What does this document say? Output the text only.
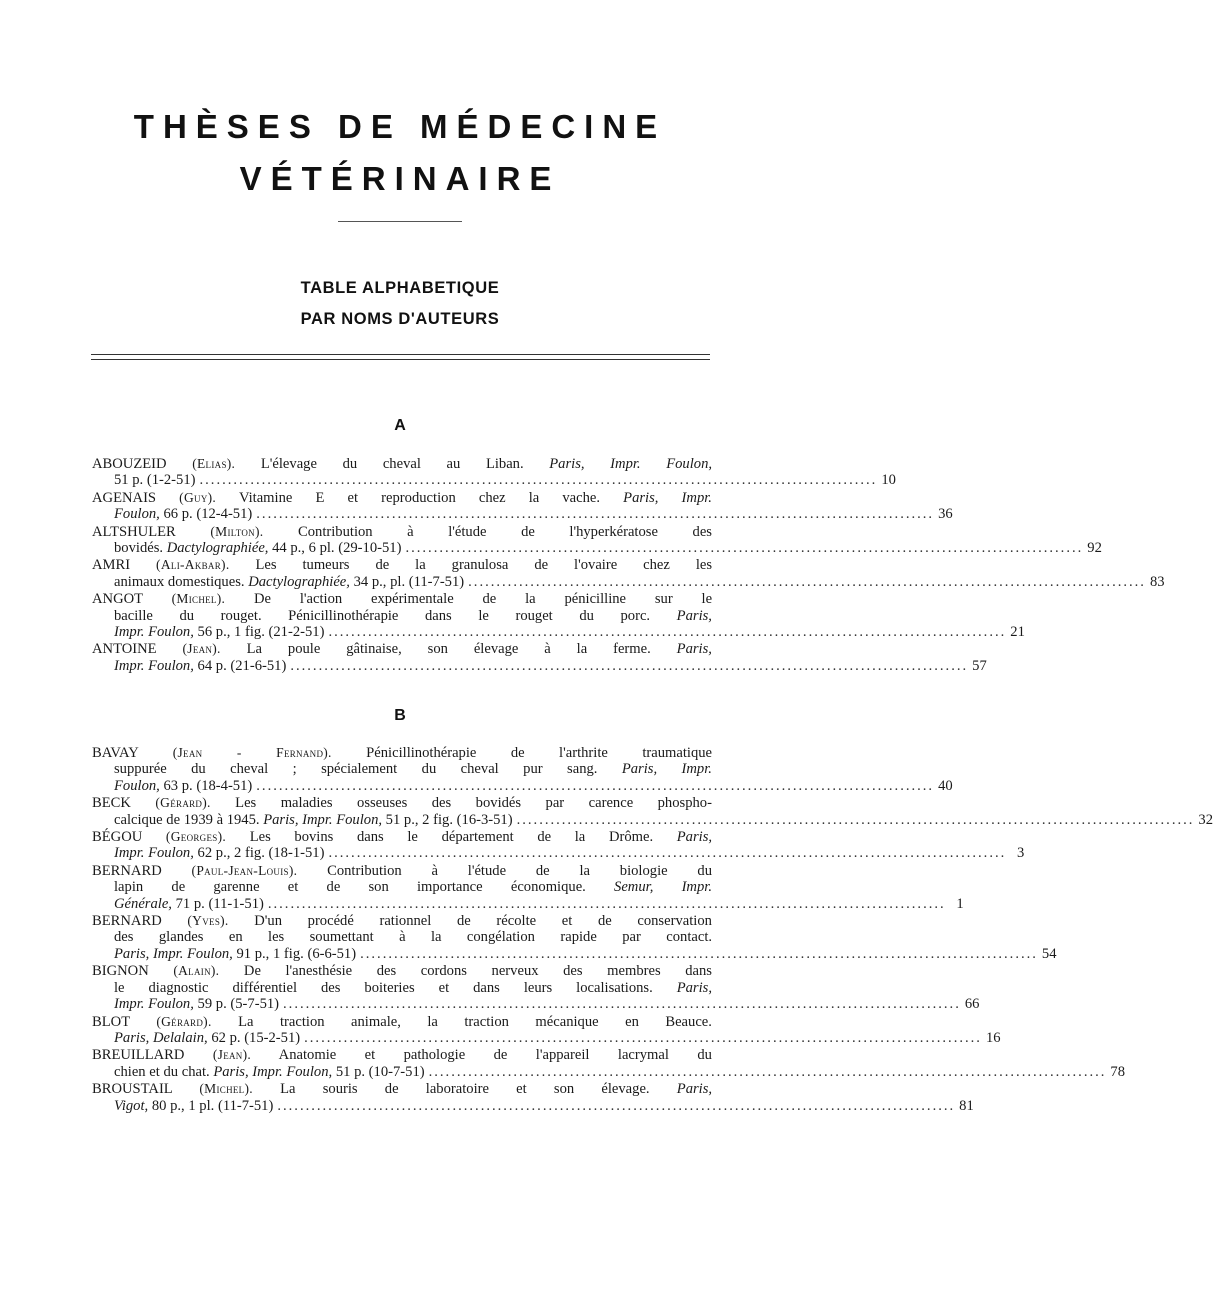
THÈSES DE MÉDECINE
VÉTÉRINAIRE
TABLE ALPHABETIQUE
PAR NOMS D'AUTEURS
A
ABOUZEID (Elias). L'élevage du cheval au Liban. Paris, Impr. Foulon,
51 p. (1-2-51) ........................................................................................................................ 10
AGENAIS (Guy). Vitamine E et reproduction chez la vache. Paris, Impr.
Foulon, 66 p. (12-4-51) ........................................................................................................................ 36
ALTSHULER	(Milton). Contribution à l'étude de l'hyperkératose des
bovidés. Dactylographiée, 44 p., 6 pl. (29-10-51) ........................................................................................................................ 92
AMRI (Ali-Akbar). Les tumeurs de la granulosa de l'ovaire chez les
animaux domestiques. Dactylographiée, 34 p., pl. (11-7-51) ........................................................................................................................ 83
ANGOT (Michel). De l'action expérimentale de la pénicilline sur le
bacille du rouget. Pénicillinothérapie dans le rouget du porc. Paris,
Impr. Foulon, 56 p., 1 fig. (21-2-51) ........................................................................................................................ 21
ANTOINE (Jean). La poule gâtinaise, son élevage à la ferme. Paris,
Impr. Foulon, 64 p. (21-6-51) ........................................................................................................................ 57
B
BAVAY	(Jean - Fernand). Pénicillinothérapie de l'arthrite traumatique
suppurée du cheval ; spécialement du cheval pur sang. Paris, Impr.
Foulon, 63 p. (18-4-51) ........................................................................................................................ 40
BECK (Gérard). Les maladies osseuses des bovidés par carence phospho-
calcique de 1939 à 1945. Paris, Impr. Foulon, 51 p., 2 fig. (16-3-51) ........................................................................................................................ 32
BÉGOU (Georges). Les bovins dans le département de la Drôme. Paris,
Impr. Foulon, 62 p., 2 fig. (18-1-51) ........................................................................................................................ 3
BERNARD (Paul-Jean-Louis). Contribution à l'étude de la biologie du
lapin de garenne et de son importance économique. Semur, Impr.
Générale, 71 p. (11-1-51) ........................................................................................................................ 1
BERNARD (Yves). D'un procédé rationnel de récolte et de conservation
des glandes en les soumettant à la congélation rapide par contact.
Paris, Impr. Foulon, 91 p., 1 fig. (6-6-51) ........................................................................................................................ 54
BIGNON (Alain). De l'anesthésie des cordons nerveux des membres dans
le diagnostic différentiel des boiteries et dans leurs localisations. Paris,
Impr. Foulon, 59 p. (5-7-51) ........................................................................................................................ 66
BLOT (Gérard). La traction animale, la traction mécanique en Beauce.
Paris, Delalain, 62 p. (15-2-51) ........................................................................................................................ 16
BREUILLARD (Jean). Anatomie et pathologie de l'appareil lacrymal du
chien et du chat. Paris, Impr. Foulon, 51 p. (10-7-51) ........................................................................................................................ 78
BROUSTAIL (Michel). La souris de laboratoire et son élevage. Paris,
Vigot, 80 p., 1 pl. (11-7-51) ........................................................................................................................ 81
